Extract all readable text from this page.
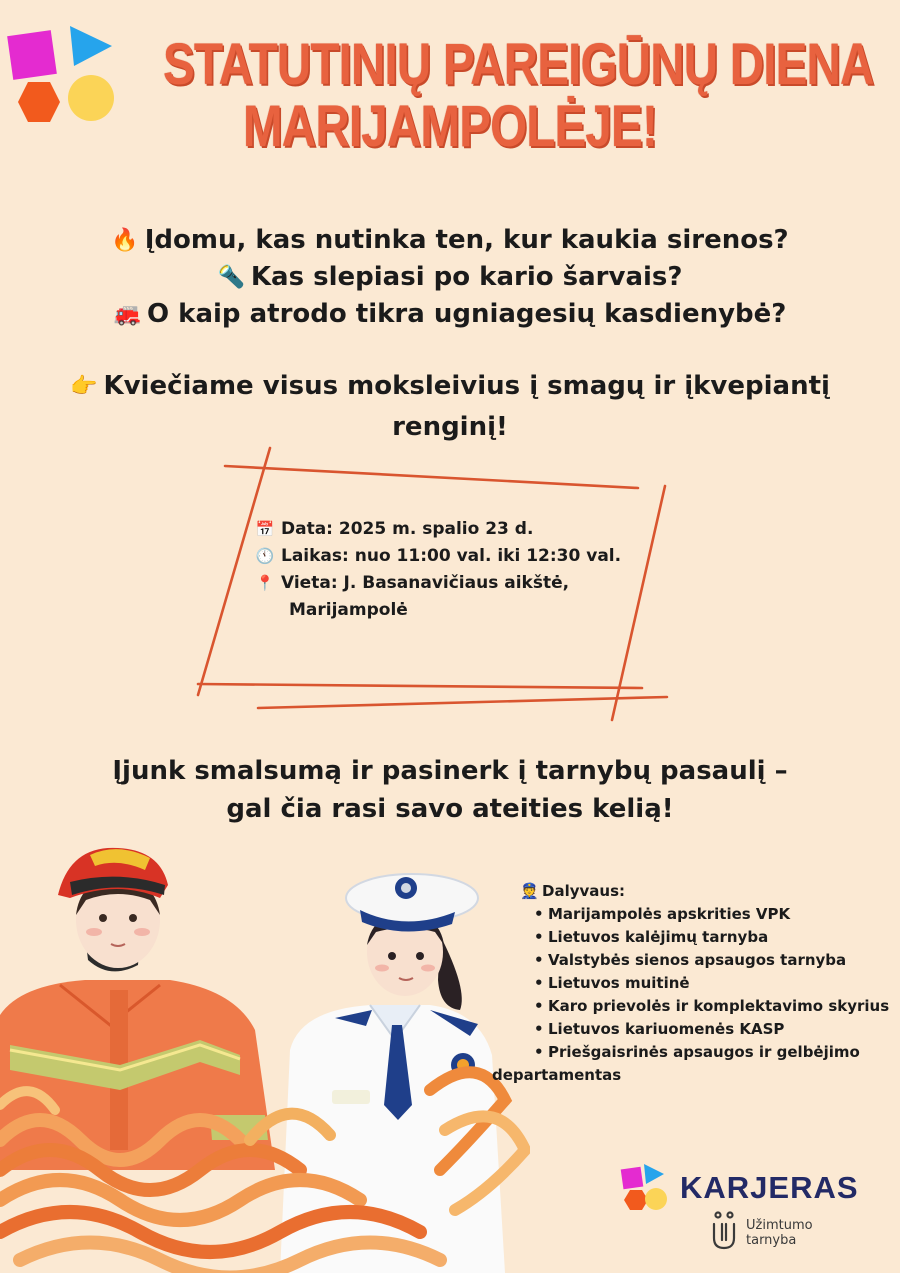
STATUTINIŲ PAREIGŪNŲ DIENA
MARIJAMPOLĖJE!
🔥 Įdomu, kas nutinka ten, kur kaukia sirenos?
🔦 Kas slepiasi po kario šarvais?
🚒 O kaip atrodo tikra ugniagesių kasdienybė?
👉 Kviečiame visus moksleivius į smagų ir įkvepiantį
renginį!
📅 Data: 2025 m. spalio 23 d.
🕚 Laikas: nuo 11:00 val. iki 12:30 val.
📍 Vieta: J. Basanavičiaus aikštė,
Marijampolė
Įjunk smalsumą ir pasinerk į tarnybų pasaulį –
gal čia rasi savo ateities kelią!
👮 Dalyvaus:
• Marijampolės apskrities VPK
• Lietuvos kalėjimų tarnyba
• Valstybės sienos apsaugos tarnyba
• Lietuvos muitinė
• Karo prievolės ir komplektavimo skyrius
• Lietuvos kariuomenės KASP
• Priešgaisrinės apsaugos ir gelbėjimo
departamentas
KARJERAS
Užimtumo
tarnyba
